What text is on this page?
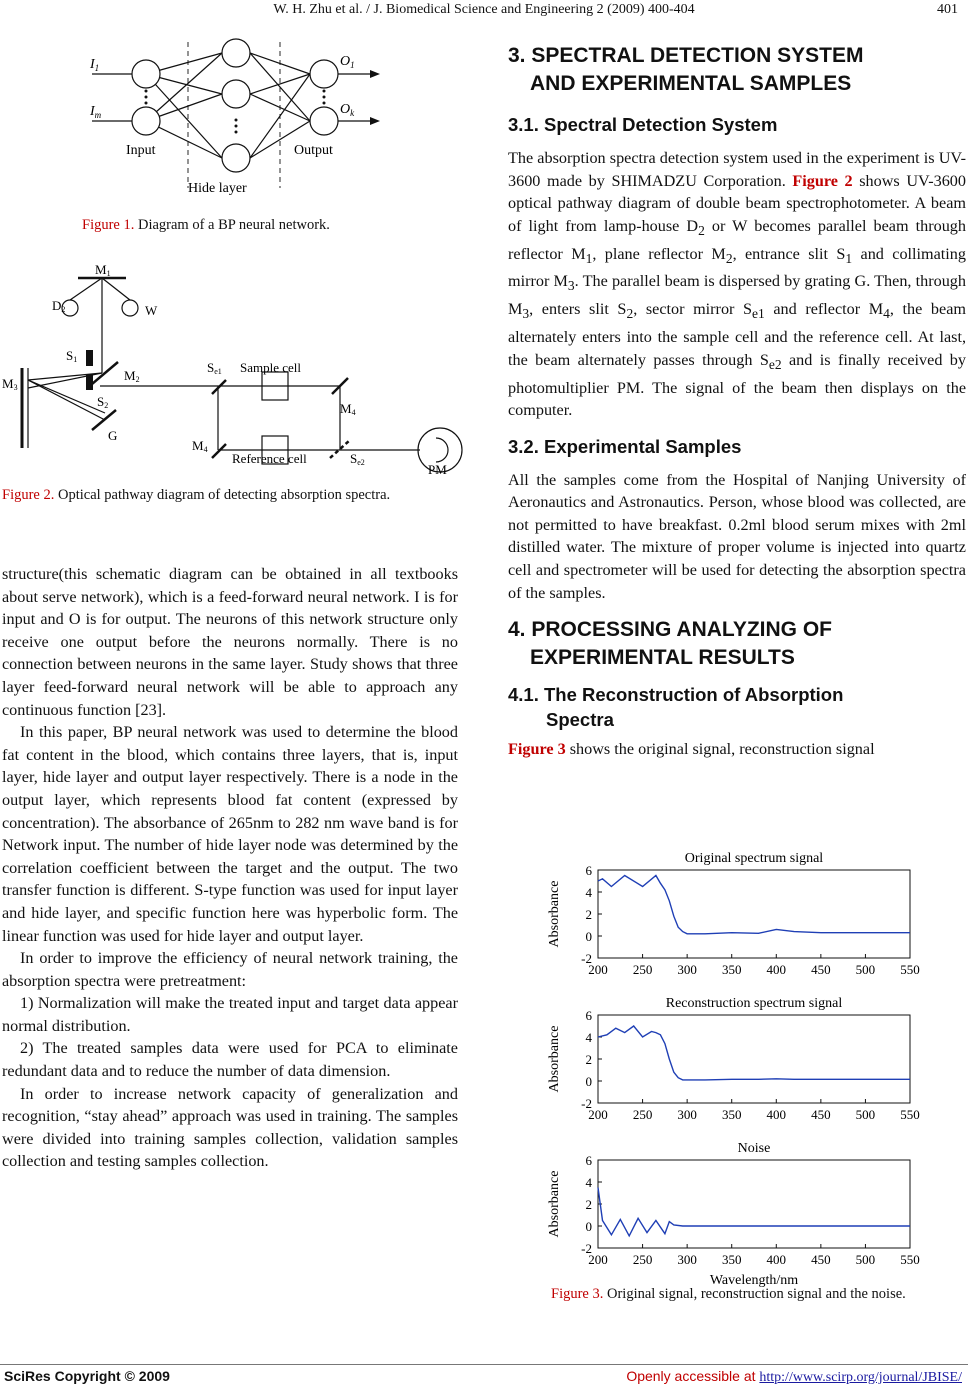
W. H. Zhu et al. / J. Biomedical Science and Engineering 2 (2009) 400-404	401
$I_1$
$I_m$
$O_1$
$O_k$
Input	Output
Hide layer
Figure 1. Diagram of a BP neural network.
M1
D2	W
S1
M2
M3
S2
G
Se1 Sample cell
M4
M4
Reference cell	Se2	PM
Figure 2. Optical pathway diagram of detecting absorption spectra.

structure(this schematic diagram can be obtained in all textbooks about serve network), which is a feed-forward neural network. I is for input and O is for output. The neurons of this network structure only receive one output before the neurons normally. There is no connection between neurons in the same layer. Study shows that three layer feed-forward neural network will be able to approach any continuous function [23].

In this paper, BP neural network was used to determine the blood fat content in the blood, which contains three layers, that is, input layer, hide layer and output layer respectively. There is a node in the output layer, which represents blood fat content (expressed by concentration). The absorbance of 265nm to 282 nm wave band is for Network input. The number of hide layer node was determined by the correlation coefficient between the target and the output. The two transfer function is different. S-type function was used for input layer and hide layer, and specific function here was hyperbolic form. The linear function was used for hide layer and output layer.

In order to improve the efficiency of neural network training, the absorption spectra were pretreatment:

1) Normalization will make the treated input and target data appear normal distribution.

2) The treated samples data were used for PCA to eliminate redundant data and to reduce the number of data dimension.

In order to increase network capacity of generalization and recognition, “stay ahead” approach was used in training. The samples were divided into training samples collection, validation samples collection and testing samples collection.

3. SPECTRAL DETECTION SYSTEM
AND EXPERIMENTAL SAMPLES
3.1. Spectral Detection System

The absorption spectra detection system used in the experiment is UV-3600 made by SHIMADZU Corporation. Figure 2 shows UV-3600 optical pathway diagram of double beam spectrophotometer. A beam of light from lamp-house $D_2$ or W becomes parallel beam through reflector $M_1$, plane reflector $M_2$, entrance slit $S_1$ and collimating mirror $M_3$. The parallel beam is dispersed by grating G. Then, through $M_3$, enters slit $S_2$, sector mirror $S_{e1}$ and reflector $M_4$, the beam alternately enters into the sample cell and the reference cell. At last, the beam alternately passes through $S_{e2}$ and is finally received by photomultiplier PM. The signal of the beam then displays on the computer.

3.2. Experimental Samples

All the samples come from the Hospital of Nanjing University of Aeronautics and Astronautics. Person, whose blood was collected, are not permitted to have breakfast. 0.2ml blood serum mixes with 2ml distilled water. The mixture of proper volume is injected into quartz cell and spectrometer will be used for detecting the absorption spectra of the samples.

4. PROCESSING ANALYZING OF
EXPERIMENTAL RESULTS
4.1. The Reconstruction of Absorption
Spectra

Figure 3 shows the original signal, reconstruction signal

Original spectrum signal
200 250 300 350 400 450 500 550
6
4
2
0
-2
Absorbance
Reconstruction spectrum signal
200 250 300 350 400 450 500 550
6
4
2
0
-2
Absorbance
Noise
200 250 300 350 400 450 500 550
6
4
2
0
-2
Absorbance
Wavelength/nm
Figure 3. Original signal, reconstruction signal and the noise.
SciRes Copyright © 2009	Openly accessible at http://www.scirp.org/journal/JBISE/
